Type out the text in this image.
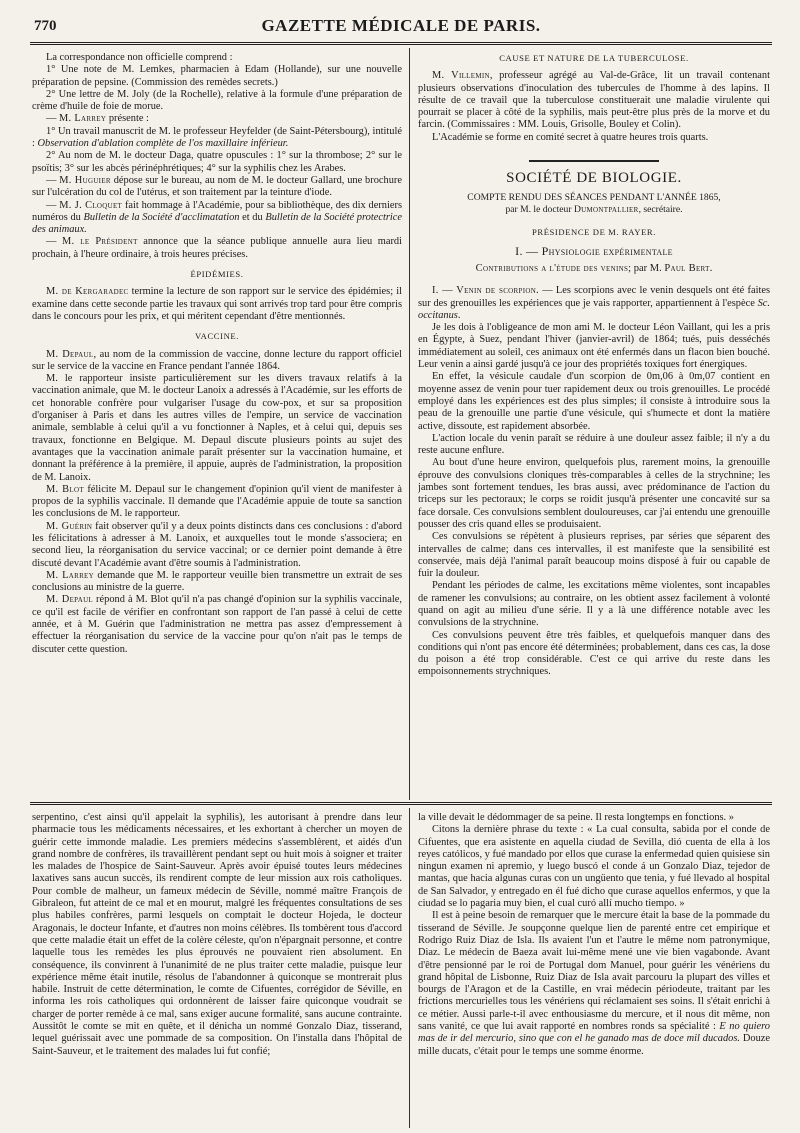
770	GAZETTE MÉDICALE DE PARIS.

La correspondance non officielle comprend :

1° Une note de M. Lemkes, pharmacien à Edam (Hollande), sur une nouvelle préparation de pepsine. (Commission des remèdes secrets.)

2° Une lettre de M. Joly (de la Rochelle), relative à la formule d'une préparation de crème d'huile de foie de morue.

— M. Larrey présente :

1° Un travail manuscrit de M. le professeur Heyfelder (de Saint-Pétersbourg), intitulé : Observation d'ablation complète de l'os maxillaire inférieur.

2° Au nom de M. le docteur Daga, quatre opuscules : 1° sur la thrombose; 2° sur le psoïtis; 3° sur les abcès périnéphrétiques; 4° sur la syphilis chez les Arabes.

— M. Huguier dépose sur le bureau, au nom de M. le docteur Gallard, une brochure sur l'ulcération du col de l'utérus, et son traitement par la teinture d'iode.

— M. J. Cloquet fait hommage à l'Académie, pour sa bibliothèque, des dix derniers numéros du Bulletin de la Société d'acclimatation et du Bulletin de la Société protectrice des animaux.

— M. le Président annonce que la séance publique annuelle aura lieu mardi prochain, à l'heure ordinaire, à trois heures précises.

ÉPIDÉMIES.

M. de Kergaradec termine la lecture de son rapport sur le service des épidémies; il examine dans cette seconde partie les travaux qui sont arrivés trop tard pour être compris dans le concours pour les prix, et qui méritent cependant d'être mentionnés.

VACCINE.

M. Depaul, au nom de la commission de vaccine, donne lecture du rapport officiel sur le service de la vaccine en France pendant l'année 1864.

M. le rapporteur insiste particulièrement sur les divers travaux relatifs à la vaccination animale, que M. le docteur Lanoix a adressés à l'Académie, sur les efforts de cet honorable confrère pour vulgariser l'usage du cow-pox, et sur sa proposition d'organiser à Paris et dans les autres villes de l'empire, un service de vaccination animale, semblable à celui qu'il a vu fonctionner à Naples, et à celui qui, depuis ses travaux, fonctionne en Belgique. M. Depaul discute plusieurs points au sujet des avantages que la vaccination animale paraît présenter sur la vaccination humaine, et donnant la préférence à la première, il appuie, auprès de l'administration, la proposition de M. Lanoix.

M. Blot félicite M. Depaul sur le changement d'opinion qu'il vient de manifester à propos de la syphilis vaccinale. Il demande que l'Académie appuie de toute sa sanction les conclusions de M. le rapporteur.

M. Guérin fait observer qu'il y a deux points distincts dans ces conclusions : d'abord les félicitations à adresser à M. Lanoix, et auxquelles tout le monde s'associera; en second lieu, la réorganisation du service vaccinal; or ce dernier point demande à être discuté devant l'Académie avant d'être soumis à l'administration.

M. Larrey demande que M. le rapporteur veuille bien transmettre un extrait de ses conclusions au ministre de la guerre.

M. Depaul répond à M. Blot qu'il n'a pas changé d'opinion sur la syphilis vaccinale, ce qu'il est facile de vérifier en confrontant son rapport de l'an passé à celui de cette année, et à M. Guérin que l'administration ne mettra pas assez d'empressement à effectuer la réorganisation du service de la vaccine pour qu'on n'ait pas le temps de discuter cette question.

CAUSE ET NATURE DE LA TUBERCULOSE.

M. Villemin, professeur agrégé au Val-de-Grâce, lit un travail contenant plusieurs observations d'inoculation des tubercules de l'homme à des lapins. Il résulte de ce travail que la tuberculose constituerait une maladie virulente qui pourrait se placer à côté de la syphilis, mais peut-être plus près de la morve et du farcin. (Commissaires : MM. Louis, Grisolle, Bouley et Colin).

L'Académie se forme en comité secret à quatre heures trois quarts.

SOCIÉTÉ DE BIOLOGIE.
COMPTE RENDU DES SÉANCES PENDANT L'ANNÉE 1865,
par M. le docteur Dumontpallier, secrétaire.
PRÉSIDENCE DE M. RAYER.
I. — Physiologie expérimentale
Contributions a l'étude des venins; par M. Paul Bert.

I. — Venin de scorpion. — Les scorpions avec le venin desquels ont été faites sur des grenouilles les expériences que je vais rapporter, appartiennent à l'espèce Sc. occitanus.

Je les dois à l'obligeance de mon ami M. le docteur Léon Vaillant, qui les a pris en Égypte, à Suez, pendant l'hiver (janvier-avril) de 1864; tués, puis desséchés immédiatement au soleil, ces animaux ont été enfermés dans un flacon bien bouché. Leur venin a ainsi gardé jusqu'à ce jour des propriétés toxiques fort énergiques.

En effet, la vésicule caudale d'un scorpion de 0m,06 à 0m,07 contient en moyenne assez de venin pour tuer rapidement deux ou trois grenouilles. Le procédé employé dans les expériences est des plus simples; il consiste à introduire sous la peau de la grenouille une partie d'une vésicule, qui s'humecte et dont la matière active, dissoute, est rapidement absorbée.

L'action locale du venin paraît se réduire à une douleur assez faible; il n'y a du reste aucune enflure.

Au bout d'une heure environ, quelquefois plus, rarement moins, la grenouille éprouve des convulsions cloniques très-comparables à celles de la strychnine; les jambes sont fortement tendues, les bras aussi, avec prédominance de l'action du triceps sur les pectoraux; le corps se roidit jusqu'à présenter une concavité sur sa face dorsale. Ces convulsions semblent douloureuses, car j'ai entendu une grenouille pousser des cris quand elles se produisaient.

Ces convulsions se répètent à plusieurs reprises, par séries que séparent des intervalles de calme; dans ces intervalles, il est manifeste que la sensibilité est conservée, mais déjà l'animal paraît beaucoup moins disposé à fuir ou capable de fuir la douleur.

Pendant les périodes de calme, les excitations même violentes, sont incapables de ramener les convulsions; au contraire, on les obtient assez facilement à volonté quand on agit au milieu d'une série. Il y a là une différence notable avec les convulsions de la strychnine.

Ces convulsions peuvent être très faibles, et quelquefois manquer dans des conditions qui n'ont pas encore été déterminées; probablement, dans ces cas, la dose du poison a été trop considérable. C'est ce qui arrive du reste dans les empoisonnements strychniques.

serpentino, c'est ainsi qu'il appelait la syphilis), les autorisant à prendre dans leur pharmacie tous les médicaments nécessaires, et les exhortant à chercher un moyen de guérir cette immonde maladie. Les premiers médecins s'assemblèrent, et aidés d'un grand nombre de confrères, ils travaillèrent pendant sept ou huit mois à soigner et traiter les malades de l'hospice de Saint-Sauveur. Après avoir épuisé toutes leurs médecines laxatives sans aucun succès, ils rendirent compte de leur mission aux rois catholiques. Pour comble de malheur, un fameux médecin de Séville, nommé maître François de Gibraleon, fut atteint de ce mal et en mourut, malgré les fréquentes consultations de ses plus habiles confrères, parmi lesquels on comptait le docteur Hojeda, le docteur Aragonais, le docteur Infante, et d'autres non moins célèbres. Ils tombèrent tous d'accord que cette maladie était un effet de la colère céleste, qu'on n'épargnait personne, et contre laquelle tous les remèdes les plus éprouvés ne pouvaient rien absolument. En conséquence, ils convinrent à l'unanimité de ne plus traiter cette maladie, puisque leur expérience même était inutile, résolus de l'abandonner à quiconque se montrerait plus habile. Instruit de cette détermination, le comte de Cifuentes, corrégidor de Séville, en informa les rois catholiques qui ordonnèrent de laisser faire quiconque voudrait se charger de porter remède à ce mal, sans exiger aucune formalité, sans aucune contrainte. Aussitôt le comte se mit en quête, et il dénicha un nommé Gonzalo Diaz, tisserand, lequel guérissait avec une pommade de sa composition. On l'installa dans l'hôpital de Saint-Sauveur, et le traitement des malades lui fut confié;

la ville devait le dédommager de sa peine. Il resta longtemps en fonctions. »

Citons la dernière phrase du texte : « La cual consulta, sabida por el conde de Cifuentes, que era asistente en aquella ciudad de Sevilla, dió cuenta de ella à los reyes católicos, y fué mandado por ellos que curase la enfermedad quien quisiese sin ningun examen ni apremio, y luego buscó el conde á un Gonzalo Diaz, tejedor de mantas, que hacia algunas curas con un ungüento que tenia, y fué llevado al hospital de San Salvador, y entregado en él fué dicho que curase aquellos enfermos, y que la ciudad se lo pagaria muy bien, el cual curó allí mucho tiempo. »

Il est à peine besoin de remarquer que le mercure était la base de la pommade du tisserand de Séville. Je soupçonne quelque lien de parenté entre cet empirique et Rodrigo Ruiz Diaz de Isla. Ils avaient l'un et l'autre le même nom patronymique, Diaz. Le médecin de Baeza avait lui-même mené une vie bien vagabonde. Avant d'être pensionné par le roi de Portugal dom Manuel, pour guérir les vénériens du grand hôpital de Lisbonne, Ruiz Diaz de Isla avait parcouru la plupart des villes et bourgs de l'Aragon et de la Castille, en vrai médecin périodeute, traitant par les frictions mercurielles tous les vénériens qui réclamaient ses soins. Il s'était enrichi à ce métier. Aussi parle-t-il avec enthousiasme du mercure, et il nous dit même, non sans vanité, ce que lui avait rapporté en nombres ronds sa spécialité : E no quiero mas de ir del mercurio, sino que con el he ganado mas de doce mil ducados. Douze mille ducats, c'était pour le temps une somme énorme.
